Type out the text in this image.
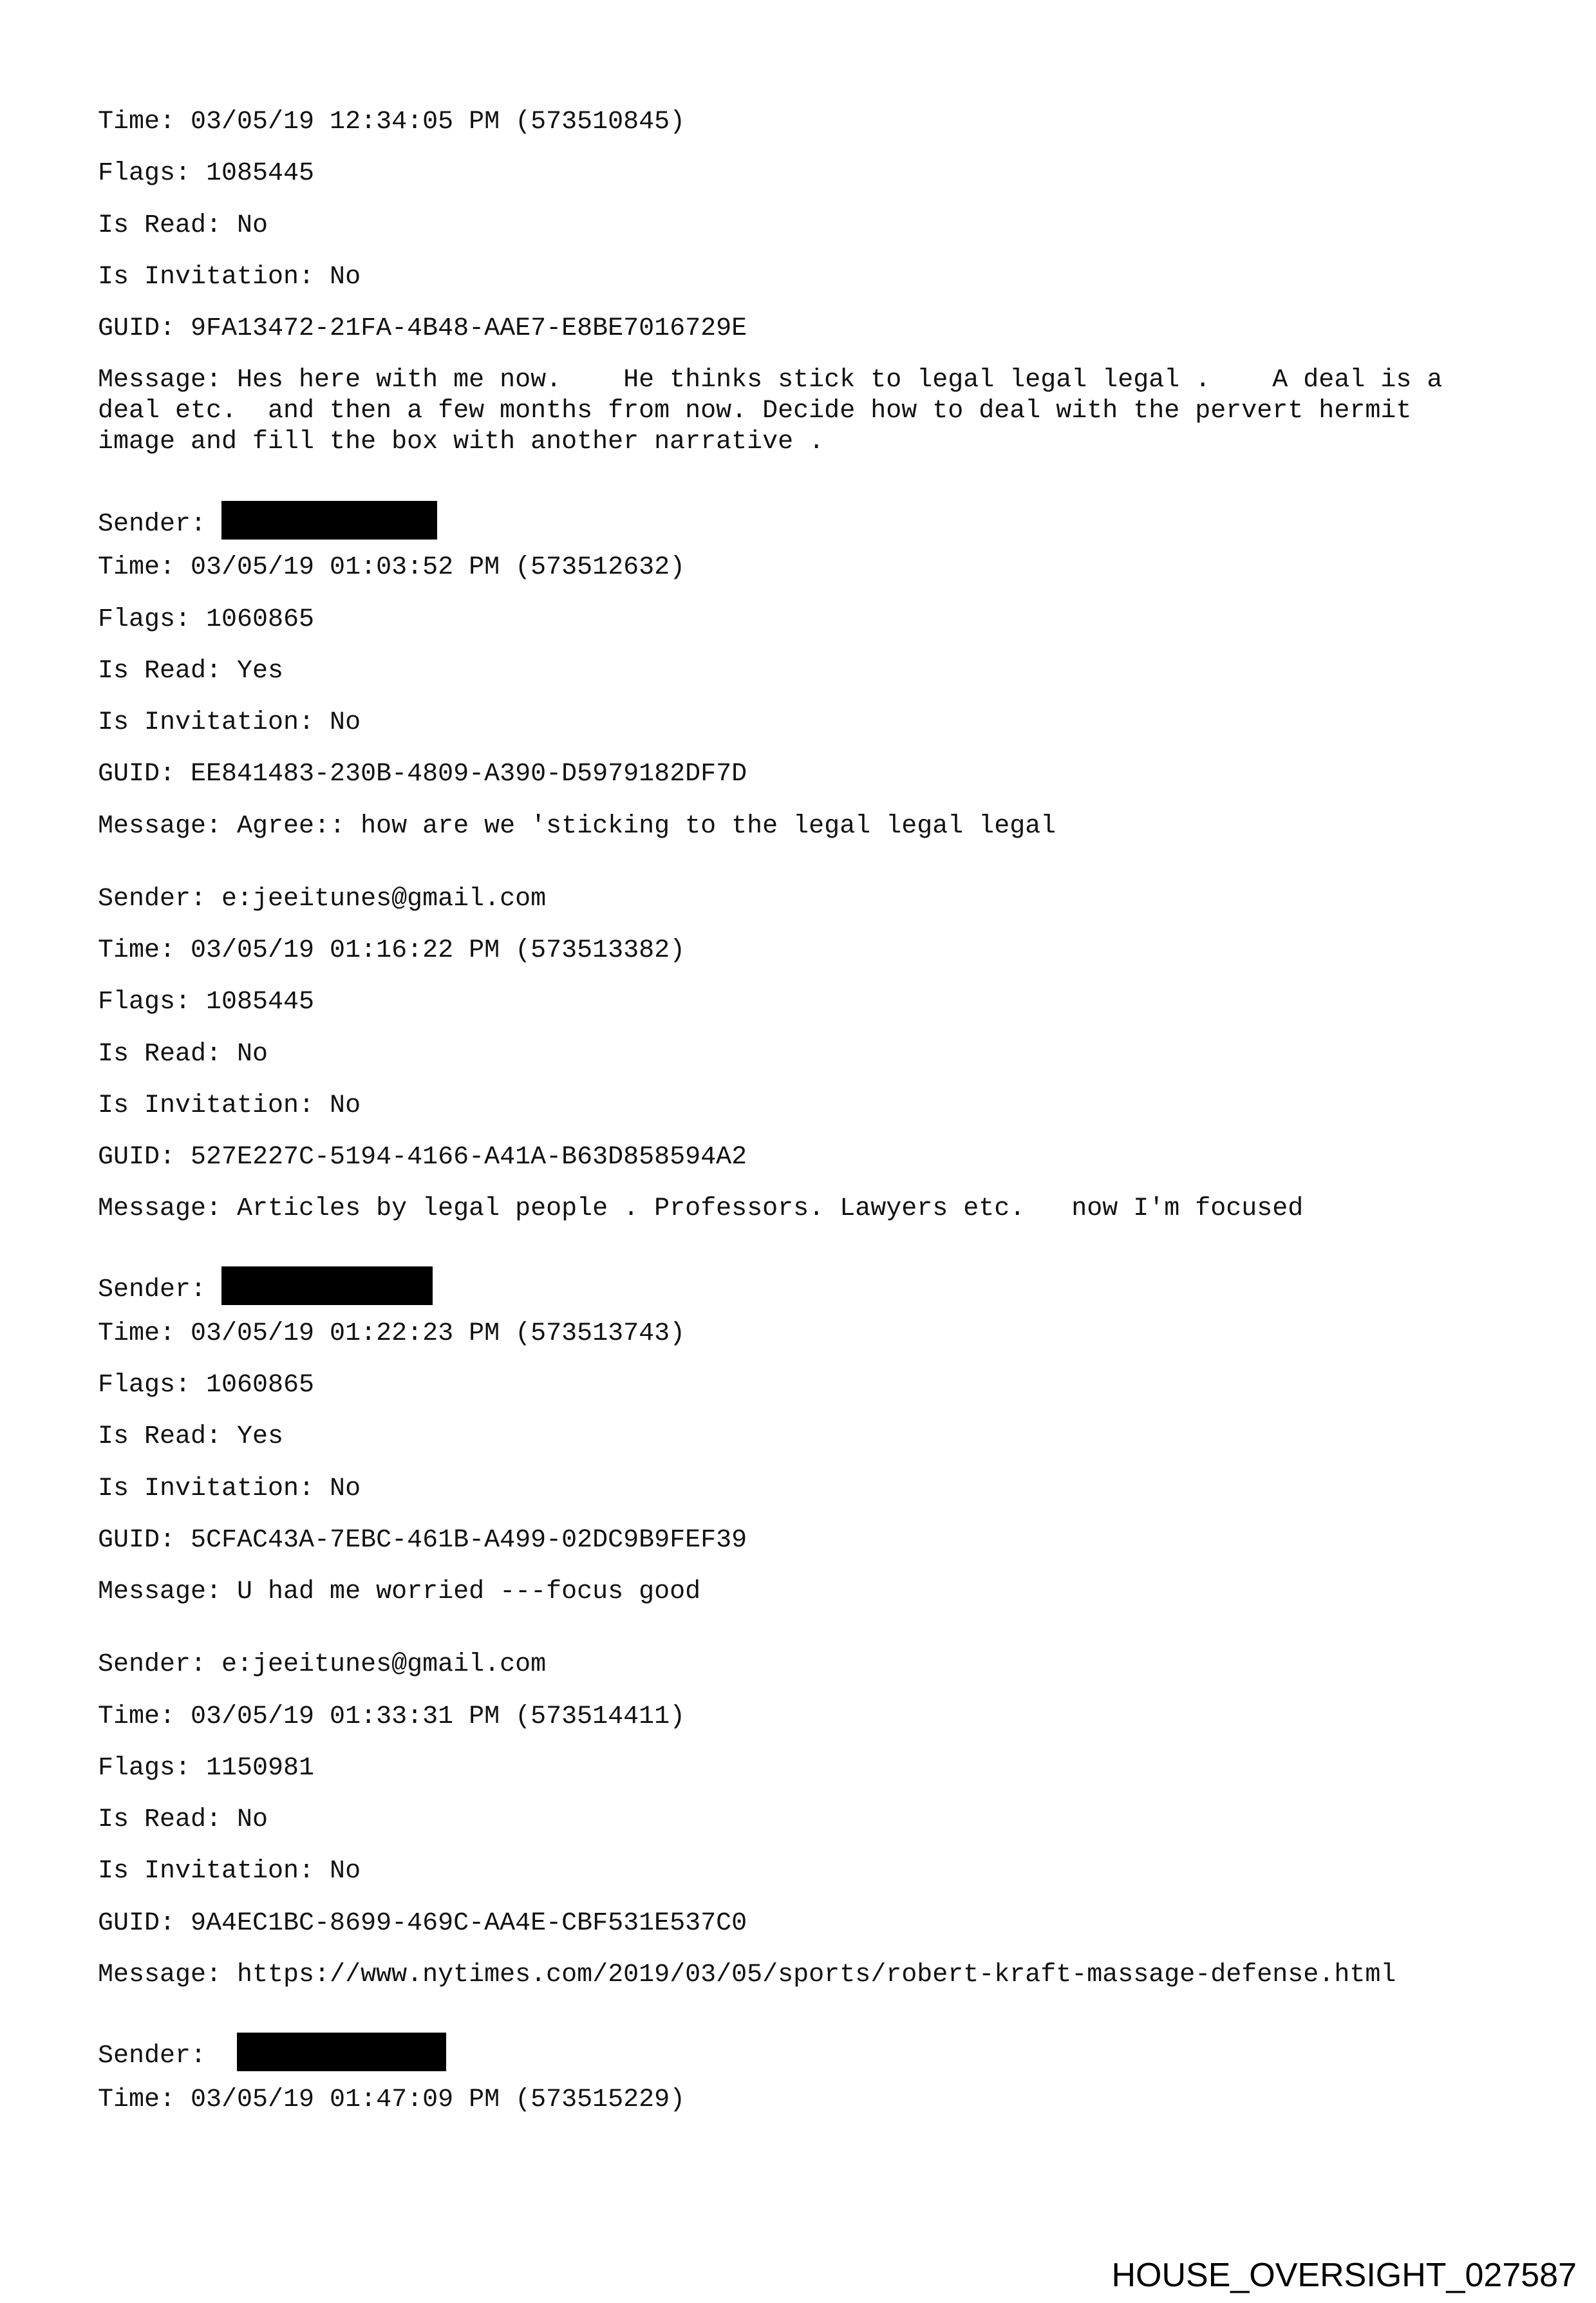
Time: 03/05/19 12:34:05 PM (573510845)
Flags: 1085445
Is Read: No
Is Invitation: No
GUID: 9FA13472-21FA-4B48-AAE7-E8BE7016729E
Message: Hes here with me now.    He thinks stick to legal legal legal .    A deal is a
deal etc.  and then a few months from now. Decide how to deal with the pervert hermit
image and fill the box with another narrative .
Sender:
Time: 03/05/19 01:03:52 PM (573512632)
Flags: 1060865
Is Read: Yes
Is Invitation: No
GUID: EE841483-230B-4809-A390-D5979182DF7D
Message: Agree:: how are we 'sticking to the legal legal legal
Sender: e:jeeitunes@gmail.com
Time: 03/05/19 01:16:22 PM (573513382)
Flags: 1085445
Is Read: No
Is Invitation: No
GUID: 527E227C-5194-4166-A41A-B63D858594A2
Message: Articles by legal people . Professors. Lawyers etc.   now I'm focused
Sender:
Time: 03/05/19 01:22:23 PM (573513743)
Flags: 1060865
Is Read: Yes
Is Invitation: No
GUID: 5CFAC43A-7EBC-461B-A499-02DC9B9FEF39
Message: U had me worried ---focus good
Sender: e:jeeitunes@gmail.com
Time: 03/05/19 01:33:31 PM (573514411)
Flags: 1150981
Is Read: No
Is Invitation: No
GUID: 9A4EC1BC-8699-469C-AA4E-CBF531E537C0
Message: https://www.nytimes.com/2019/03/05/sports/robert-kraft-massage-defense.html
Sender:
Time: 03/05/19 01:47:09 PM (573515229)
HOUSE_OVERSIGHT_027587
